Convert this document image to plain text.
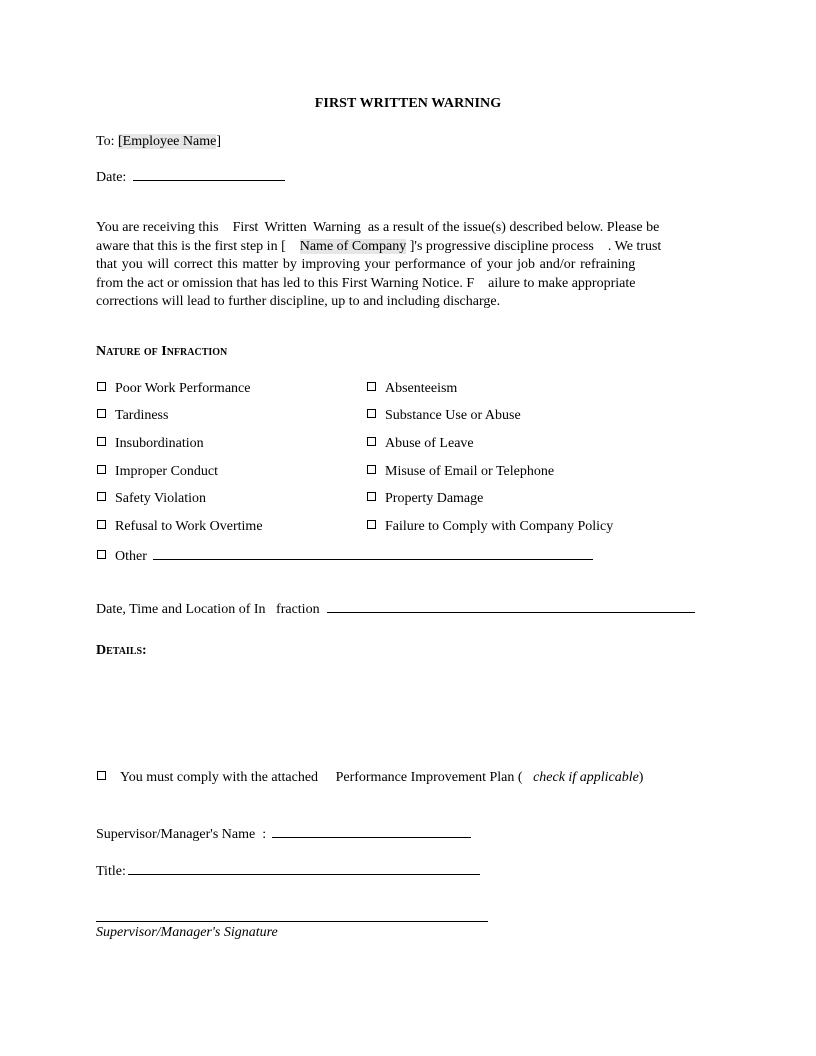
FIRST WRITTEN WARNING
To: [Employee Name]
Date:

You are receiving this First Written Warning as a result of the issue(s) described below. Please be

aware that this is the first step in [ Name of Company ]'s progressive discipline process . We trust

that you will correct this matter by improving your performance of your job and/or refraining

from the act or omission that has led to this First Warning Notice. F ailure to make appropriate

corrections will lead to further discipline, up to and including discharge.

Nature of Infraction
Poor Work Performance
Tardiness
Insubordination
Improper Conduct
Safety Violation
Refusal to Work Overtime
Absenteeism
Substance Use or Abuse
Abuse of Leave
Misuse of Email or Telephone
Property Damage
Failure to Comply with Company Policy
Other
Date, Time and Location of In fraction
Details:
You must comply with the attached Performance Improvement Plan ( check if applicable)
Supervisor/Manager's Name :
Title:
Supervisor/Manager's Signature
